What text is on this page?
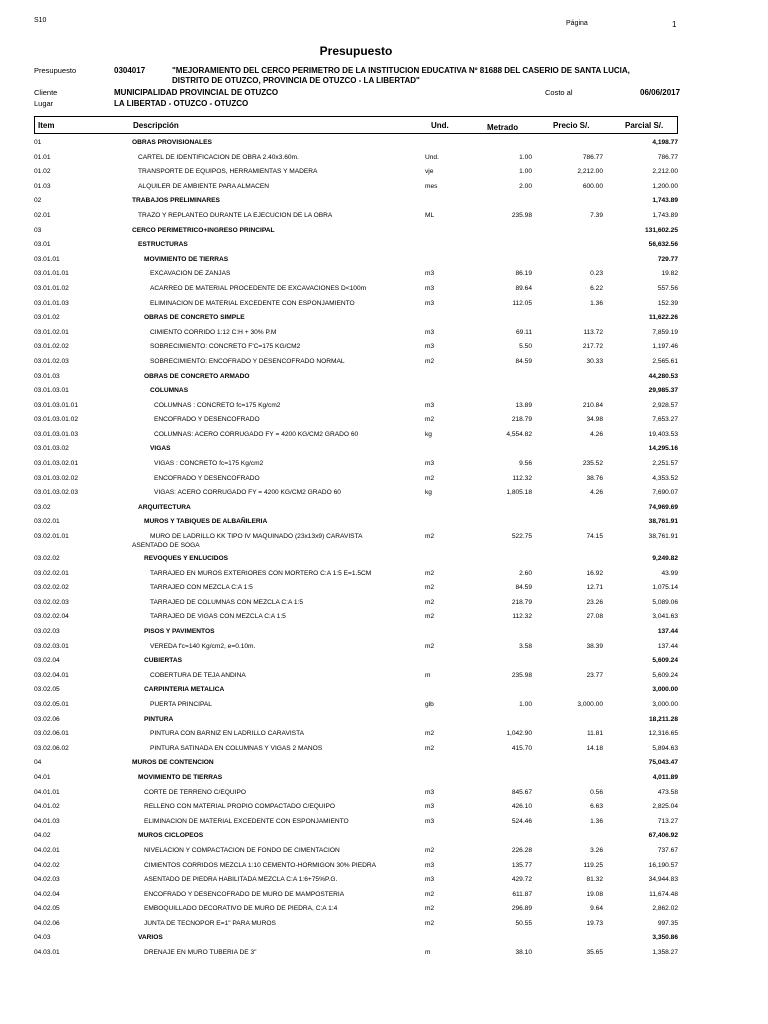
S10	Página	1
Presupuesto
Presupuesto	0304017	"MEJORAMIENTO DEL CERCO PERIMETRO DE LA INSTITUCION EDUCATIVA Nº 81688 DEL CASERIO DE SANTA LUCIA,
DISTRITO DE OTUZCO, PROVINCIA DE OTUZCO - LA LIBERTAD"
Cliente	MUNICIPALIDAD PROVINCIAL DE OTUZCO	Costo al	06/06/2017
Lugar	LA LIBERTAD - OTUZCO - OTUZCO
Item	Descripción	Und.	Metrado	Precio S/.	Parcial S/.
01	OBRAS PROVISIONALES	4,198.77
01.01	CARTEL DE IDENTIFICACION DE OBRA 2.40x3.60m.	Und.	1.00	786.77	786.77
01.02	TRANSPORTE DE EQUIPOS, HERRAMIENTAS Y MADERA	vje	1.00	2,212.00	2,212.00
01.03	ALQUILER DE AMBIENTE PARA ALMACEN	mes	2.00	600.00	1,200.00
02	TRABAJOS PRELIMINARES	1,743.89
02.01	TRAZO Y REPLANTEO DURANTE LA EJECUCION DE LA OBRA	ML	235.98	7.39	1,743.89
03	CERCO PERIMETRICO+INGRESO PRINCIPAL	131,602.25
03.01	ESTRUCTURAS	56,632.56
03.01.01	MOVIMIENTO DE TIERRAS	729.77
03.01.01.01	EXCAVACION DE ZANJAS	m3	86.19	0.23	19.82
03.01.01.02	ACARREO DE MATERIAL PROCEDENTE DE EXCAVACIONES D<100m	m3	89.64	6.22	557.56
03.01.01.03	ELIMINACION DE MATERIAL EXCEDENTE CON ESPONJAMIENTO	m3	112.05	1.36	152.39
03.01.02	OBRAS DE CONCRETO SIMPLE	11,622.26
03.01.02.01	CIMIENTO CORRIDO 1:12 C:H + 30% P.M	m3	69.11	113.72	7,859.19
03.01.02.02	SOBRECIMIENTO: CONCRETO F'C=175 KG/CM2	m3	5.50	217.72	1,197.46
03.01.02.03	SOBRECIMIENTO: ENCOFRADO Y DESENCOFRADO NORMAL	m2	84.59	30.33	2,565.61
03.01.03	OBRAS DE CONCRETO ARMADO	44,280.53
03.01.03.01	COLUMNAS	29,985.37
03.01.03.01.01	COLUMNAS : CONCRETO fc=175 Kg/cm2	m3	13.89	210.84	2,928.57
03.01.03.01.02	ENCOFRADO Y DESENCOFRADO	m2	218.79	34.98	7,653.27
03.01.03.01.03	COLUMNAS: ACERO CORRUGADO FY = 4200 KG/CM2 GRADO 60	kg	4,554.82	4.26	19,403.53
03.01.03.02	VIGAS	14,295.16
03.01.03.02.01	VIGAS : CONCRETO fc=175 Kg/cm2	m3	9.56	235.52	2,251.57
03.01.03.02.02	ENCOFRADO Y DESENCOFRADO	m2	112.32	38.76	4,353.52
03.01.03.02.03	VIGAS: ACERO CORRUGADO FY = 4200 KG/CM2 GRADO 60	kg	1,805.18	4.26	7,690.07
03.02	ARQUITECTURA	74,969.69
03.02.01	MUROS Y TABIQUES DE ALBAÑILERIA	38,761.91
03.02.01.01	MURO DE LADRILLO KK TIPO IV MAQUINADO (23x13x9) CARAVISTA
ASENTADO DE SOGA
m2	522.75	74.15	38,761.91
03.02.02	REVOQUES Y ENLUCIDOS	9,249.82
03.02.02.01	TARRAJEO EN MUROS EXTERIORES CON MORTERO C:A 1:5 E=1.5CM	m2	2.60	16.92	43.99
03.02.02.02	TARRAJEO CON MEZCLA C:A 1:5	m2	84.59	12.71	1,075.14
03.02.02.03	TARRAJEO DE COLUMNAS CON MEZCLA C:A 1:5	m2	218.79	23.26	5,089.06
03.02.02.04	TARRAJEO DE VIGAS CON MEZCLA C:A 1:5	m2	112.32	27.08	3,041.63
03.02.03	PISOS Y PAVIMENTOS	137.44
03.02.03.01	VEREDA f'c=140 Kg/cm2, e=0.10m.	m2	3.58	38.39	137.44
03.02.04	CUBIERTAS	5,609.24
03.02.04.01	COBERTURA DE TEJA ANDINA	m	235.98	23.77	5,609.24
03.02.05	CARPINTERIA METALICA	3,000.00
03.02.05.01	PUERTA PRINCIPAL	glb	1.00	3,000.00	3,000.00
03.02.06	PINTURA	18,211.28
03.02.06.01	PINTURA CON BARNIZ EN LADRILLO CARAVISTA	m2	1,042.90	11.81	12,316.65
03.02.06.02	PINTURA SATINADA EN COLUMNAS Y VIGAS 2 MANOS	m2	415.70	14.18	5,894.63
04	MUROS DE CONTENCION	75,043.47
04.01	MOVIMIENTO DE TIERRAS	4,011.89
04.01.01	CORTE DE TERRENO C/EQUIPO	m3	845.67	0.56	473.58
04.01.02	RELLENO CON MATERIAL PROPIO COMPACTADO C/EQUIPO	m3	426.10	6.63	2,825.04
04.01.03	ELIMINACION DE MATERIAL EXCEDENTE CON ESPONJAMIENTO	m3	524.46	1.36	713.27
04.02	MUROS CICLOPEOS	67,406.92
04.02.01	NIVELACION Y COMPACTACION DE FONDO DE CIMENTACION	m2	226.28	3.26	737.67
04.02.02	CIMIENTOS CORRIDOS MEZCLA 1:10 CEMENTO-HORMIGON 30% PIEDRA	m3	135.77	119.25	16,190.57
04.02.03	ASENTADO DE PIEDRA HABILITADA MEZCLA C:A 1:6+75%P.G.	m3	429.72	81.32	34,944.83
04.02.04	ENCOFRADO Y DESENCOFRADO DE MURO DE MAMPOSTERIA	m2	611.87	19.08	11,674.48
04.02.05	EMBOQUILLADO DECORATIVO DE MURO DE PIEDRA, C:A 1:4	m2	296.89	9.64	2,862.02
04.02.06	JUNTA DE TECNOPOR E=1" PARA MUROS	m2	50.55	19.73	997.35
04.03	VARIOS	3,350.86
04.03.01	DRENAJE EN MURO TUBERIA DE 3"	m	38.10	35.65	1,358.27
